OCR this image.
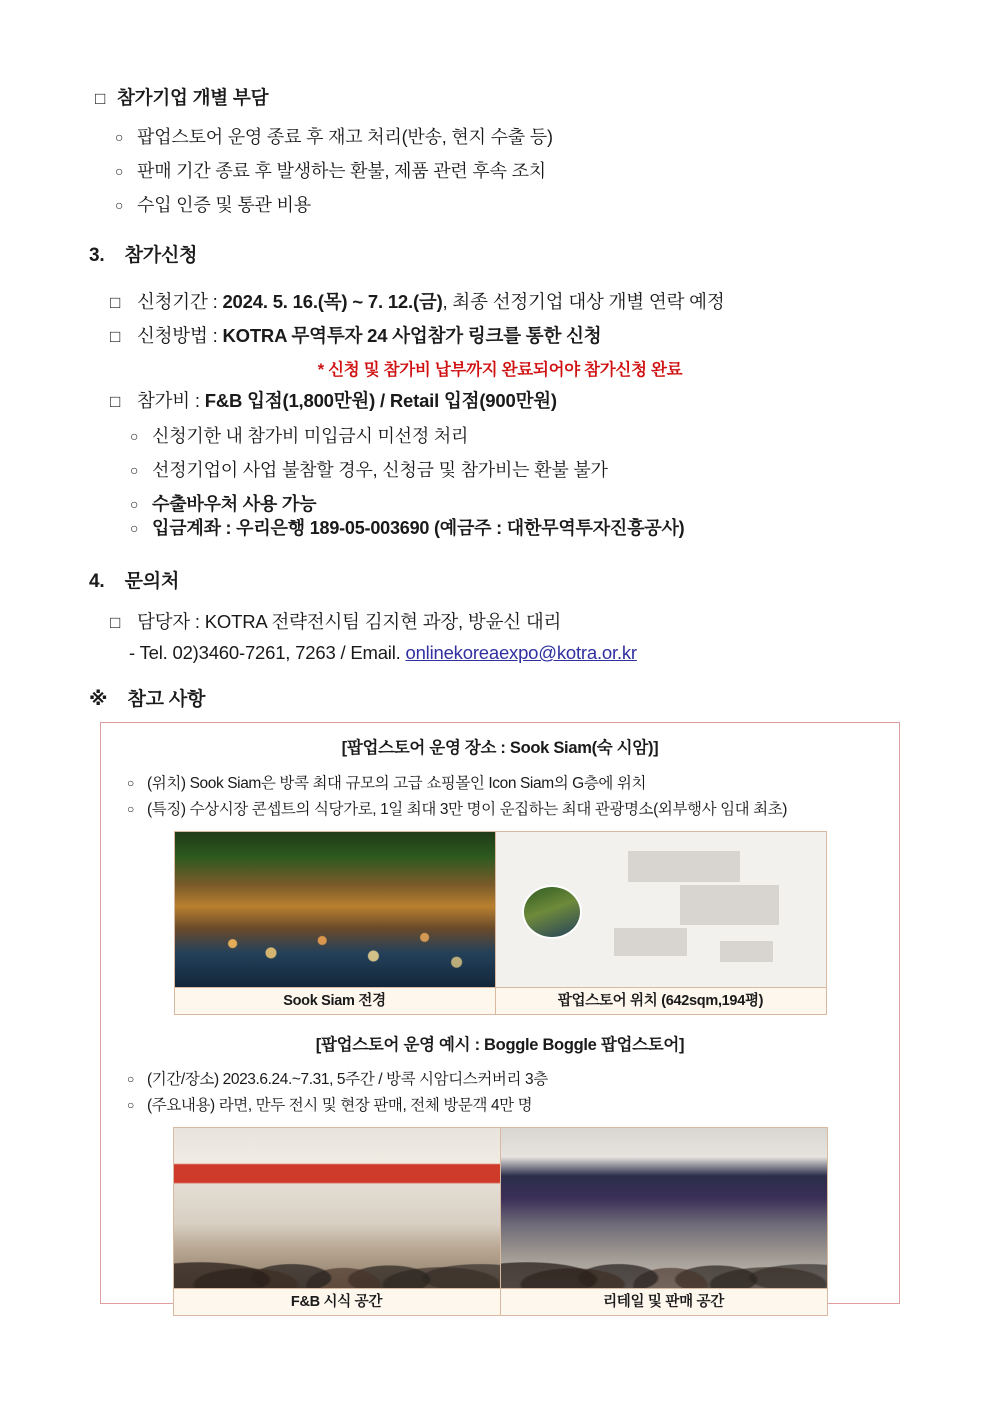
□ 참가기업 개별 부담
○ 팝업스토어 운영 종료 후 재고 처리(반송, 현지 수출 등)
○ 판매 기간 종료 후 발생하는 환불, 제품 관련 후속 조치
○ 수입 인증 및 통관 비용
3. 참가신청
□ 신청기간 : 2024. 5. 16.(목) ~ 7. 12.(금), 최종 선정기업 대상 개별 연락 예정
□ 신청방법 : KOTRA 무역투자 24 사업참가 링크를 통한 신청
* 신청 및 참가비 납부까지 완료되어야 참가신청 완료
□ 참가비 : F&B 입점(1,800만원) / Retail 입점(900만원)
○ 신청기한 내 참가비 미입금시 미선정 처리
○ 선정기업이 사업 불참할 경우, 신청금 및 참가비는 환불 불가
○ 수출바우처 사용 가능
○ 입금계좌 : 우리은행 189-05-003690 (예금주 : 대한무역투자진흥공사)
4. 문의처
□ 담당자 : KOTRA 전략전시팀 김지현 과장, 방윤신 대리
- Tel. 02)3460-7261, 7263 / Email. onlinekoreaexpo@kotra.or.kr
※ 참고 사항
[팝업스토어 운영 장소 : Sook Siam(숙 시암)]
○ (위치) Sook Siam은 방콕 최대 규모의 고급 쇼핑몰인 Icon Siam의 G층에 위치
○ (특징) 수상시장 콘셉트의 식당가로, 1일 최대 3만 명이 운집하는 최대 관광명소(외부행사 임대 최초)

Sook Siam 전경	팝업스토어 위치 (642sqm,194평)
[팝업스토어 운영 예시 : Boggle Boggle 팝업스토어]
○ (기간/장소) 2023.6.24.~7.31, 5주간 / 방콕 시암디스커버리 3층
○ (주요내용) 라면, 만두 전시 및 현장 판매, 전체 방문객 4만 명

F&B 시식 공간	리테일 및 판매 공간
